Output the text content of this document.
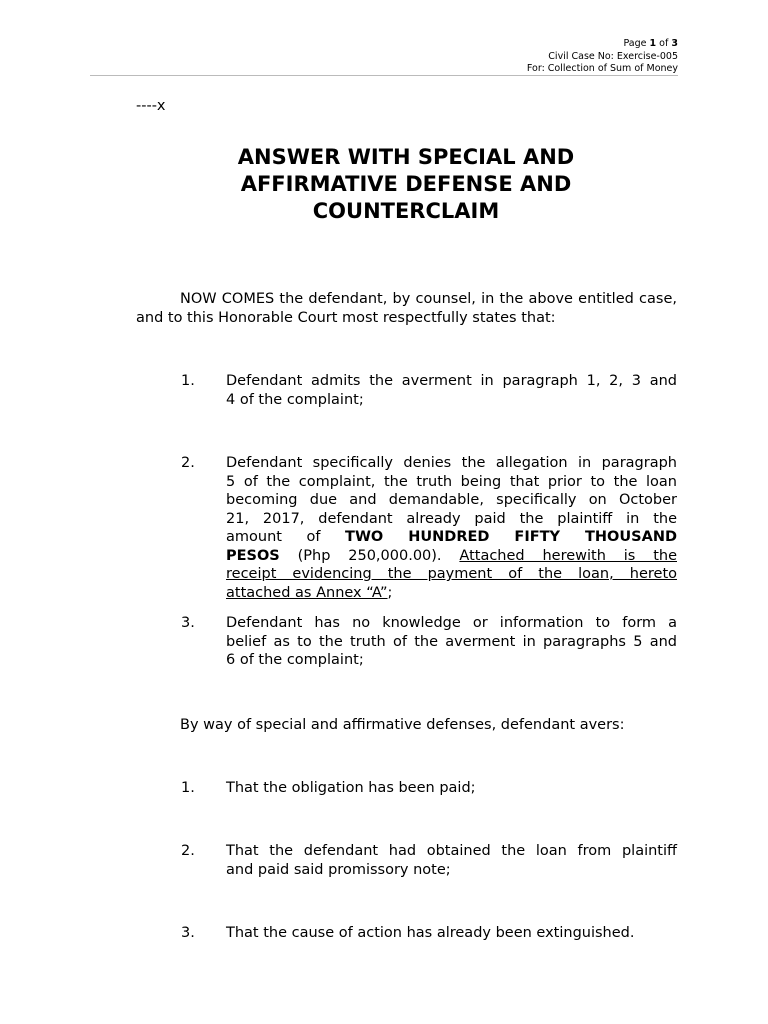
Page 1 of 3
Civil Case No: Exercise-005
For: Collection of Sum of Money
----x
ANSWER WITH SPECIAL AND
AFFIRMATIVE DEFENSE AND
COUNTERCLAIM
NOW COMES the defendant, by counsel, in the above entitled case, and to this Honorable Court most respectfully states that:
1. Defendant admits the averment in paragraph 1, 2, 3 and
4 of the complaint;
2. Defendant specifically denies the allegation in paragraph
5 of the complaint, the truth being that prior to the loan
becoming due and demandable, specifically on October
21, 2017, defendant already paid the plaintiff in the
amount of TWO HUNDRED FIFTY THOUSAND
PESOS (Php 250,000.00). Attached herewith is the
receipt evidencing the payment of the loan, hereto
attached as Annex “A”;
3. Defendant has no knowledge or information to form a
belief as to the truth of the averment in paragraphs 5 and
6 of the complaint;
By way of special and affirmative defenses, defendant avers:
1. That the obligation has been paid;
2. That the defendant had obtained the loan from plaintiff
and paid said promissory note;
3. That the cause of action has already been extinguished.
